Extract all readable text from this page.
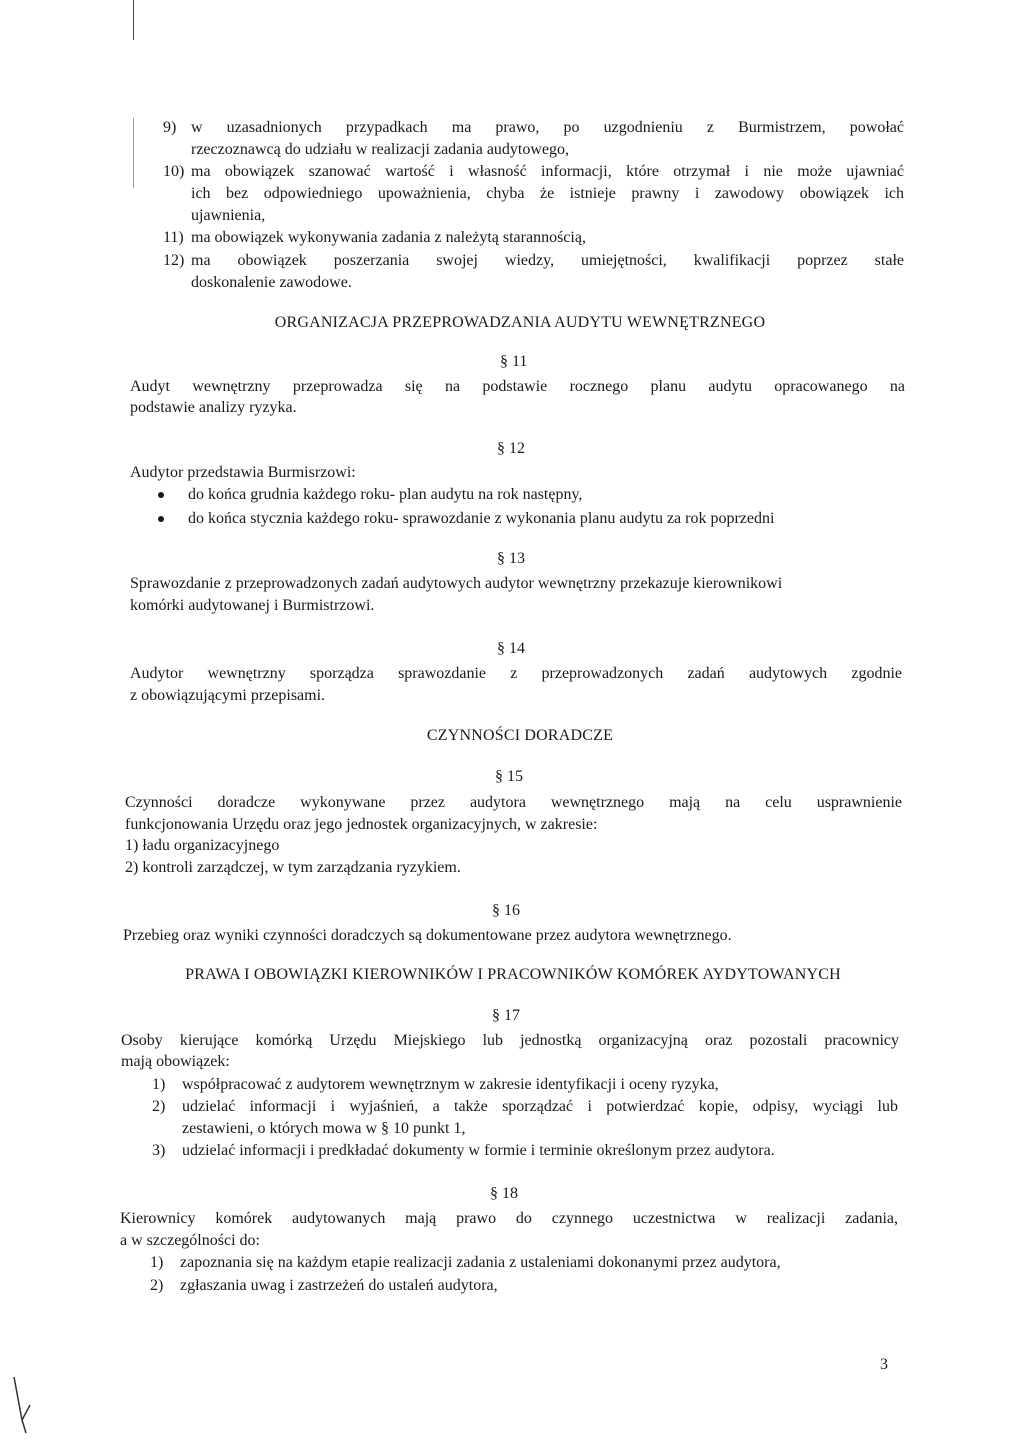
9) w uzasadnionych przypadkach ma prawo, po uzgodnieniu z Burmistrzem, powołać
rzeczoznawcą do udziału w realizacji zadania audytowego,
10) ma obowiązek szanować wartość i własność informacji, które otrzymał i nie może ujawniać
ich bez odpowiedniego upoważnienia, chyba że istnieje prawny i zawodowy obowiązek ich
ujawnienia,
11) ma obowiązek wykonywania zadania z należytą starannością,
12) ma obowiązek poszerzania swojej wiedzy, umiejętności, kwalifikacji poprzez stałe
doskonalenie zawodowe.
ORGANIZACJA PRZEPROWADZANIA AUDYTU WEWNĘTRZNEGO
§ 11
Audyt wewnętrzny przeprowadza się na podstawie rocznego planu audytu opracowanego na
podstawie analizy ryzyka.
§ 12
Audytor przedstawia Burmisrzowi:
do końca grudnia każdego roku- plan audytu na rok następny,
do końca stycznia każdego roku- sprawozdanie z wykonania planu audytu za rok poprzedni
§ 13
Sprawozdanie z przeprowadzonych zadań audytowych audytor wewnętrzny przekazuje kierownikowi
komórki audytowanej i Burmistrzowi.
§ 14
Audytor wewnętrzny sporządza sprawozdanie z przeprowadzonych zadań audytowych zgodnie
z obowiązującymi przepisami.
CZYNNOŚCI DORADCZE
§ 15
Czynności doradcze wykonywane przez audytora wewnętrznego mają na celu usprawnienie
funkcjonowania Urzędu oraz jego jednostek organizacyjnych, w zakresie:
1) ładu organizacyjnego
2) kontroli zarządczej, w tym zarządzania ryzykiem.
§ 16
Przebieg oraz wyniki czynności doradczych są dokumentowane przez audytora wewnętrznego.
PRAWA I OBOWIĄZKI KIEROWNIKÓW I PRACOWNIKÓW KOMÓREK AYDYTOWANYCH
§ 17
Osoby kierujące komórką Urzędu Miejskiego lub jednostką organizacyjną oraz pozostali pracownicy
mają obowiązek:
1) współpracować z audytorem wewnętrznym w zakresie identyfikacji i oceny ryzyka,
2) udzielać informacji i wyjaśnień, a także sporządzać i potwierdzać kopie, odpisy, wyciągi lub
zestawieni, o których mowa w § 10 punkt 1,
3) udzielać informacji i predkładać dokumenty w formie i terminie określonym przez audytora.
§ 18
Kierownicy komórek audytowanych mają prawo do czynnego uczestnictwa w realizacji zadania,
a w szczególności do:
1) zapoznania się na każdym etapie realizacji zadania z ustaleniami dokonanymi przez audytora,
2) zgłaszania uwag i zastrzeżeń do ustaleń audytora,
3
